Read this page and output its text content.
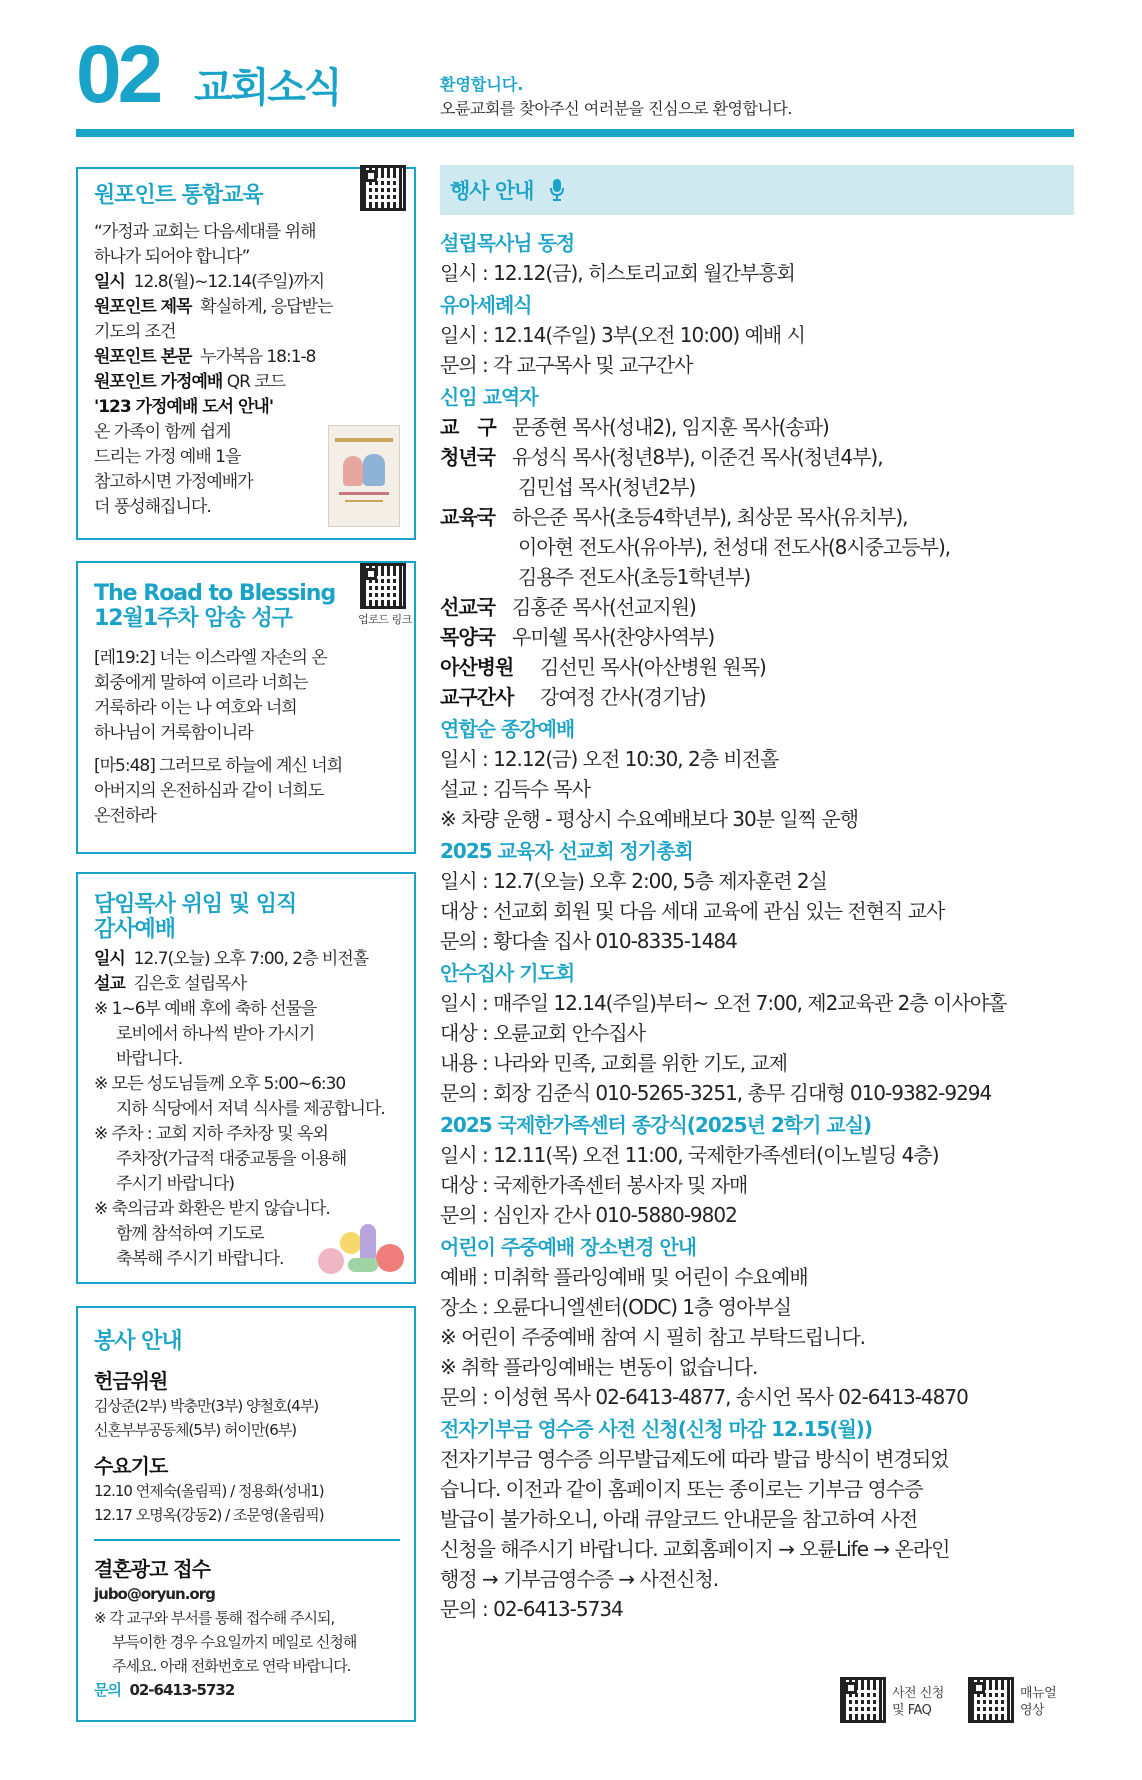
02 교회소식	환영합니다.
오륜교회를 찾아주신 여러분을 진심으로 환영합니다.
원포인트 통합교육
“가정과 교회는 다음세대를 위해
하나가 되어야 합니다”
일시 12.8(월)~12.14(주일)까지
원포인트 제목 확실하게, 응답받는
기도의 조건
원포인트 본문 누가복음 18:1-8
원포인트 가정예배 QR 코드
'123 가정예배 도서 안내'
온 가족이 함께 쉽게
드리는 가정 예배 1을
참고하시면 가정예배가
더 풍성해집니다.
The Road to Blessing
12월1주차 암송 성구	업로드 링크
[레19:2] 너는 이스라엘 자손의 온
회중에게 말하여 이르라 너희는
거룩하라 이는 나 여호와 너희
하나님이 거룩함이니라
[마5:48] 그러므로 하늘에 계신 너희
아버지의 온전하심과 같이 너희도
온전하라
담임목사 위임 및 임직
감사예배
일시 12.7(오늘) 오후 7:00, 2층 비전홀
설교 김은호 설립목사
※ 1~6부 예배 후에 축하 선물을
로비에서 하나씩 받아 가시기
바랍니다.
※ 모든 성도님들께 오후 5:00~6:30
지하 식당에서 저녁 식사를 제공합니다.
※ 주차 : 교회 지하 주차장 및 옥외
주차장(가급적 대중교통을 이용해
주시기 바랍니다)
※ 축의금과 화환은 받지 않습니다.
함께 참석하여 기도로
축복해 주시기 바랍니다.
봉사 안내
헌금위원
김상준(2부) 박충만(3부) 양철호(4부)
신혼부부공동체(5부) 허이만(6부)
수요기도
12.10 연제숙(올림픽) / 정용화(성내1)
12.17 오명옥(강동2) / 조문영(올림픽)
결혼광고 접수
jubo@oryun.org
※ 각 교구와 부서를 통해 접수해 주시되,
부득이한 경우 수요일까지 메일로 신청해
주세요. 아래 전화번호로 연락 바랍니다.
문의 02-6413-5732
행사 안내
설립목사님 동정
일시 : 12.12(금), 히스토리교회 월간부흥회
유아세례식
일시 : 12.14(주일) 3부(오전 10:00) 예배 시
문의 : 각 교구목사 및 교구간사
신임 교역자
교　구 문종현 목사(성내2), 임지훈 목사(송파)
청년국 유성식 목사(청년8부), 이준건 목사(청년4부),
김민섭 목사(청년2부)
교육국 하은준 목사(초등4학년부), 최상문 목사(유치부),
이아현 전도사(유아부), 천성대 전도사(8시중고등부),
김용주 전도사(초등1학년부)
선교국 김홍준 목사(선교지원)
목양국 우미쉘 목사(찬양사역부)
아산병원	김선민 목사(아산병원 원목)
교구간사	강여정 간사(경기남)
연합순 종강예배
일시 : 12.12(금) 오전 10:30, 2층 비전홀
설교 : 김득수 목사
※ 차량 운행 - 평상시 수요예배보다 30분 일찍 운행
2025 교육자 선교회 정기총회
일시 : 12.7(오늘) 오후 2:00, 5층 제자훈련 2실
대상 : 선교회 회원 및 다음 세대 교육에 관심 있는 전현직 교사
문의 : 황다솔 집사 010-8335-1484
안수집사 기도회
일시 : 매주일 12.14(주일)부터~ 오전 7:00, 제2교육관 2층 이사야홀
대상 : 오륜교회 안수집사
내용 : 나라와 민족, 교회를 위한 기도, 교제
문의 : 회장 김준식 010-5265-3251, 총무 김대형 010-9382-9294
2025 국제한가족센터 종강식(2025년 2학기 교실)
일시 : 12.11(목) 오전 11:00, 국제한가족센터(이노빌딩 4층)
대상 : 국제한가족센터 봉사자 및 자매
문의 : 심인자 간사 010-5880-9802
어린이 주중예배 장소변경 안내
예배 : 미취학 플라잉예배 및 어린이 수요예배
장소 : 오륜다니엘센터(ODC) 1층 영아부실
※ 어린이 주중예배 참여 시 필히 참고 부탁드립니다.
※ 취학 플라잉예배는 변동이 없습니다.
문의 : 이성현 목사 02-6413-4877, 송시언 목사 02-6413-4870
전자기부금 영수증 사전 신청(신청 마감 12.15(월))
전자기부금 영수증 의무발급제도에 따라 발급 방식이 변경되었
습니다. 이전과 같이 홈페이지 또는 종이로는 기부금 영수증
발급이 불가하오니, 아래 큐알코드 안내문을 참고하여 사전
신청을 해주시기 바랍니다. 교회홈페이지 → 오륜Life → 온라인
행정 → 기부금영수증 → 사전신청.
문의 : 02-6413-5734
사전 신청
및 FAQ
매뉴얼
영상
